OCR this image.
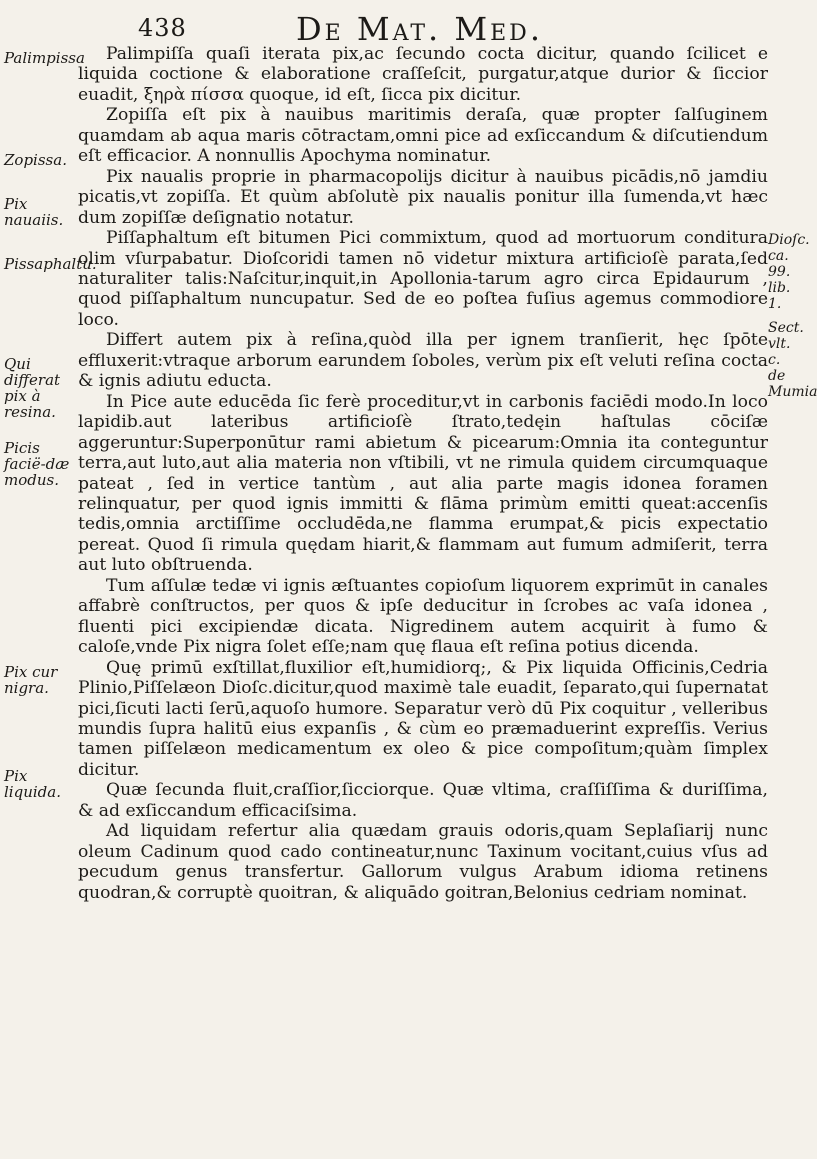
438	De Mat. Med.
Palimpissa
Zopissa.
Pix nauaiis.
Pissaphaltu.
Qui differat pix à resina.
Picis facië-dæ modus.
Pix cur nigra.
Pix liquida.
Dioſc. ca. 99. lib. 1.
Sect. vlt. c. de Mumia

Palimpiſſa quaſi iterata pix,ac ſecundo cocta dicitur, quando ſcilicet e liquida coctione & elaboratione craſſeſcit, purgatur,atque durior & ſiccior euadit, ξηρὰ πίσσα quoque, id eſt, ſicca pix dicitur.

Zopiſſa eſt pix à nauibus maritimis deraſa, quæ propter ſalſuginem quamdam ab aqua maris cōtractam,omni pice ad exſiccandum & diſcutiendum eſt efficacior. A nonnullis Apochyma nominatur.

Pix naualis proprie in pharmacopolijs dicitur à nauibus picādis,nō jamdiu picatis,vt zopiſſa. Et quùm abſolutè pix naualis ponitur illa ſumenda,vt hæc dum zopiſſæ deſignatio notatur.

Piſſaphaltum eſt bitumen Pici commixtum, quod ad mortuorum conditura olim vſurpabatur. Dioſcoridi tamen nō videtur mixtura artificioſè parata,ſed naturaliter talis:Naſcitur,inquit,in Apollonia-tarum agro circa Epidaurum , quod piſſaphaltum nuncupatur. Sed de eo poſtea fuſius agemus commodiore loco.

Differt autem pix à reſina,quòd illa per ignem tranſierit, hęc ſpōte effluxerit:vtraque arborum earundem ſoboles, verùm pix eſt veluti reſina cocta & ignis adiutu educta.

In Pice aute educēda ſic ferè proceditur,vt in carbonis faciēdi modo.In loco lapidib.aut lateribus artificioſè ſtrato,tedęin haſtulas cōciſæ aggeruntur:Superponūtur rami abietum & picearum:Omnia ita conteguntur terra,aut luto,aut alia materia non vſtibili, vt ne rimula quidem circumquaque pateat , ſed in vertice tantùm , aut alia parte magis idonea foramen relinquatur, per quod ignis immitti & flāma primùm emitti queat:accenſis tedis,omnia arctiſſime occludēda,ne flamma erumpat,& picis expectatio pereat. Quod ſi rimula quędam hiarit,& flammam aut fumum admiſerit, terra aut luto obſtruenda.

Tum aſſulæ tedæ vi ignis æſtuantes copioſum liquorem exprimūt in canales affabrè conſtructos, per quos & ipſe deducitur in ſcrobes ac vaſa idonea , fluenti pici excipiendæ dicata. Nigredinem autem acquirit à fumo & caloſe,vnde Pix nigra ſolet eſſe;nam quę flaua eſt reſina potius dicenda.

Quę primū exſtillat,fluxilior eſt,humidiorq;, & Pix liquida Officinis,Cedria Plinio,Piſſelæon Dioſc.dicitur,quod maximè tale euadit, ſeparato,qui ſupernatat pici,ſicuti lacti ſerū,aquoſo humore. Separatur verò dū Pix coquitur , velleribus mundis ſupra halitū eius expanſis , & cùm eo præmaduerint expreſſis. Verius tamen piſſelæon medicamentum ex oleo & pice compoſitum;quàm ſimplex dicitur.

Quæ ſecunda fluit,craſſior,ſicciorque. Quæ vltima, craſſiſſima & duriſſima, & ad exſiccandum efficaciſsima.

Ad liquidam refertur alia quædam grauis odoris,quam Seplaſiarij nunc oleum Cadinum quod cado contineatur,nunc Taxinum vocitant,cuius vſus ad pecudum genus transfertur. Gallorum vulgus Arabum idioma retinens quodran,& corruptè quoitran, & aliquādo goitran,Belonius cedriam nominat.
